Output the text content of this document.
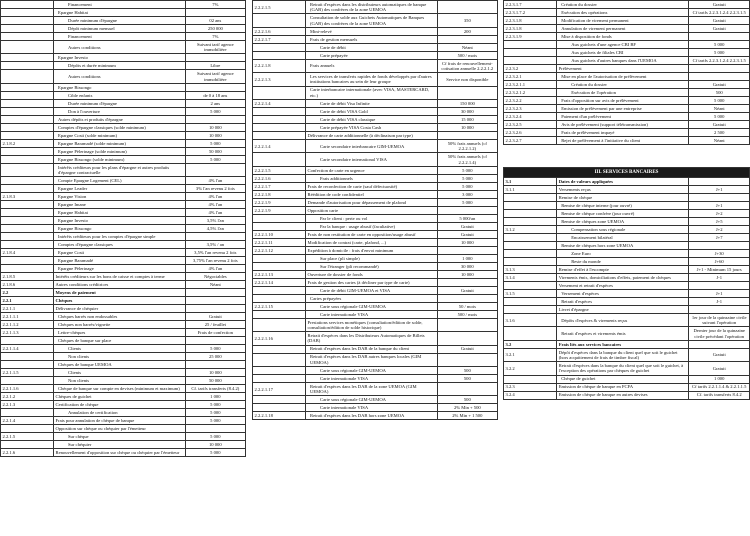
	Financement	7%
	Epargne Habitat	
	Durée minimum d'épargne	02 ans
	Dépôt minimum mensuel	250 000
	Financement	7%
	Autres conditions	Suivant tarif agence immobilière
	Epargne Investo	
	Dépôts et durée minimum	Libre
	Autres conditions	Suivant tarif agence immobilière
	Epargne Bissongo	
	Cible enfants	de 0 à 18 ans
	Durée minimum d'épargne	2 ans
	Don à l'ouverture	5 000
	Autres dépôts et produits d'épargne	
	Comptes d'épargne classiques (solde minimum)	10 000
	Epargne Costi (solde minimum)	10 000
2.1.8.2	Epargne Baramadé (solde minimum)	5 000
	Epargne Pèlerinage (solde minimum)	50 000
	Epargne Bissongo (solde minimum)	5 000
	Intérêts créditeurs pour les plans d'épargne et autres produits d'épargne contractuelle	
	Compte Epargne Logement (CEL)	4% l'an
	Epargne Leader	3% l'an revenu 2 fois
2.1.8.3	Epargne Vision	4% l'an
	Epargne Imane	4% l'an
	Epargne Habitat	4% l'an
	Epargne Investo	3,5% l'an
	Epargne Bissongo	4,5% l'an
	Intérêts créditeurs pour les comptes d'épargne simple	
	Comptes d'épargne classiques	3,5% / an
2.1.8.4	Epargne Costi	3,5% l'an revenu 2 fois
	Epargne Baramadé	3,75% l'an revenu 2 fois
	Epargne Pèlerinage	4% l'an
2.1.8.5	Intérêts créditeurs sur les bons de caisse et comptes à terme	Négociables
2.1.8.6	Autres conditions créditrices	Néant
2.2	Moyens de paiement	
2.2.1	Chèques	
2.2.1.1	Délivrance de chéquier	
2.2.1.1.1	Chèques barrés non endossables	Gratuit
2.2.1.1.2	Chèques non barrés/vignette	25 / feuillet
2.2.1.1.3	Lettre-chèques	Frais de confection
	Chèques de banque sur place	
2.2.1.1.4	Clients	5 000
	Non clients	25 000
	Chèques de banque UEMOA	
2.2.1.1.5	Clients	10 000
	Non clients	50 000
2.2.1.1.6	Chèque de banque sur compte en devises (minimum et maximum)	Cf. tarifs transferts (8.4.2)
2.2.1.2	Chèques de guichet	1 000
2.2.1.3	Certification de chèque	5 000
	Annulation de certification	5 000
2.2.1.4	Frais pour annulation de chèque de banque	5 000
	Opposition sur chèque ou chéquier par l'émetteur	
2.2.1.5	Sur chèque	5 000
	Sur chéquier	10 000
2.2.1.6	Renouvellement d'opposition sur chèque ou chéquier par l'émetteur	5 000
2.2.2.1.5	Retrait d'espèces dans les distributeurs automatiques de banque (GAB) des confrères de la zone UEMOA	
	Consultation de solde aux Guichets Automatiques de Banques (GAB) des confrères de la zone UEMOA	350
2.2.2.1.6	Mini-relevé	200
2.2.2.1.7	Frais de gestion mensuels	
	Carte de débit	Néant
	Carte prépayée	500 / mois
2.2.2.1.8	Frais annuels	Cf frais de renouvellement-cotisation annuelle 2.2.2.1.2
2.2.2.1.3	Les services de transferts rapides de fonds développés par d'autres institutions bancaires au sein de leur groupe	Service non disponible
	Carte interbancaire internationale (avec VISA, MASTERCARD, etc.)	
2.2.2.1.4	Carte de débit Visa Infinite	150 000
	Carte de débit VISA Gold	30 000
	Carte de débit VISA classique	15 000
	Carte prépayée VISA Costa Cash	10 000
	Délivrance de carte additionnelle (à déclinaison par type)	
2.2.2.1.4	Carte secondaire interbancaire GIM-UEMOA	50% frais annuels (cf 2.2.2.1.2)
	Carte secondaire international VISA	50% frais annuels (cf 2.2.2.1.4)
2.2.2.1.5	Confection de carte en urgence	5 000
2.2.2.1.6	Frais additionnels	5 000
2.2.2.1.7	Frais de reconfection de carte (sauf défectuosité)	5 000
2.2.2.1.8	Réédition de code confidentiel	3 000
2.2.2.1.9	Demande d'autorisation pour dépassement de plafond	5 000
2.2.2.1.9	Opposition carte	
	Par le client : perte ou vol	5 000/an
	Par la banque : usage abusif (facultative)	Gratuit
2.2.2.1.10	Frais de non restitution de carte en opposition/usage abusif	Gratuit
2.2.2.1.11	Modification de contrat (carte, plafond, ...)	10 000
2.2.2.1.12	Expédition à domicile : frais d'envoi minimum	
	Sur place (pli simple)	1 000
	Sur l'étranger (pli recommandé)	30 000
2.2.2.1.13	Ouverture de dossier de fonds	10 000
2.2.2.1.14	Frais de gestion des cartes (à décliner par type de carte)	
	Carte de débit GIM-UEMOA et VISA	Gratuit
	Cartes prépayées	
2.2.2.1.15	Carte sous régionale GIM-UEMOA	50 / mois
	Carte internationale VISA	500 / mois
	Prestations services monétiques (consultation/édition de solde, consultation/édition de solde historique)	
2.2.2.1.16	Retrait d'espèces dans les Distributeurs Automatiques de Billets (DAB)	
	Retrait d'espèces dans les DAB de la banque du client	Gratuit
	Retrait d'espèces dans les DAB autres banques locales (GIM UEMOA)	
	Carte sous régionale GIM-UEMOA	500
	Carte internationale VISA	500
2.2.2.1.17	Retrait d'espèces dans les DAB de la zone UEMOA (GIM UEMOA)	
	Carte sous régionale GIM-UEMOA	500
	Carte internationale VISA	2% Min + 500
2.2.2.1.18	Retrait d'espèces dans les DAB hors zone UEMOA	2% Min + 1 500
2.2.3.1.7	Création du dossier	Gratuit
2.2.3.1.7.2	Exécution des opérations	Cf tarifs 2.2.3.1.2.4 2.2.3.1.5
2.2.3.1.8	Modification de virement permanent	Gratuit
2.2.3.1.8	Annulation de virement permanent	Gratuit
2.2.3.1.9	Mise à disposition de fonds	
	Aux guichets d'une agence CBI BF	5 000
	Aux guichets de filiales CBI	5 000
	Aux guichets d'autres banques dans l'UEMOA	Cf tarifs 2.2.3.1.2.4 2.2.3.1.5
2.2.3.2	Prélèvement	
2.2.3.2.1	Mise en place de l'autorisation de prélèvement	
2.2.3.2.1.1	Création du dossier	Gratuit
2.2.3.2.1.2	Exécution de l'opération	500
2.2.3.2.2	Frais d'opposition sur avis de prélèvement	5 000
2.2.3.2.3	Emission de prélèvement par une entreprise	Néant
2.2.3.2.4	Paiement d'un prélèvement	5 000
2.2.3.2.5	Avis de prélèvement (support télétransmission)	Gratuit
2.2.3.2.6	Frais de prélèvement impayé	2 500
2.2.3.2.7	Rejet de prélèvement à l'initiative du client	Néant

III. SERVICES BANCAIRES		
3.1	Dates de valeurs appliquées	
3.1.1	Versements reçus	J+1
	Remise de chèque	
	Remise de chèque interne (jour ouvré)	J+1
	Remise de chèque confrère (jour ouvré)	J+2
	Remise de chèques zone UEMOA	J+5
3.1.2	Compensation sous régionale	J+2
	Encaissement bilatéral	J+7
	Remise de chèques hors zone UEMOA	
	Zone Euro	J+30
	Reste du monde	J+60
3.1.3	Remise d'effet à l'escompte	J+1 - Minimum 15 jours
3.1.4	Virements émis, domiciliations d'effets, paiement de chèques	J-1
	Versement et retrait d'espèces	
3.1.5	Versement d'espèces	J+1
	Retrait d'espèces	J-1
	Livret d'épargne	
3.1.6	Dépôts d'espèces & virements reçus	1er jour de la quinzaine civile suivant l'opération
	Retrait d'espèces et virements émis	Dernier jour de la quinzaine civile précédant l'opération
3.2	Frais liés aux services bancaires	
3.2.1	Dépôt d'espèces dans la banque du client quel que soit le guichet (hors acquittement de frais de timbre fiscal)	Gratuit
3.2.2	Retrait d'espèces dans la banque du client quel que soit le guichet, à l'exception des opérations par chèques de guichet	Gratuit
	Chèque de guichet	1 000
3.2.3	Emission de chèque de banque en FCFA	Cf tarifs 2.2.1.1.4 & 2.2.1.1.5
3.2.4	Emission de chèque de banque en autres devises	Cf. tarifs transferts 8.4.2
